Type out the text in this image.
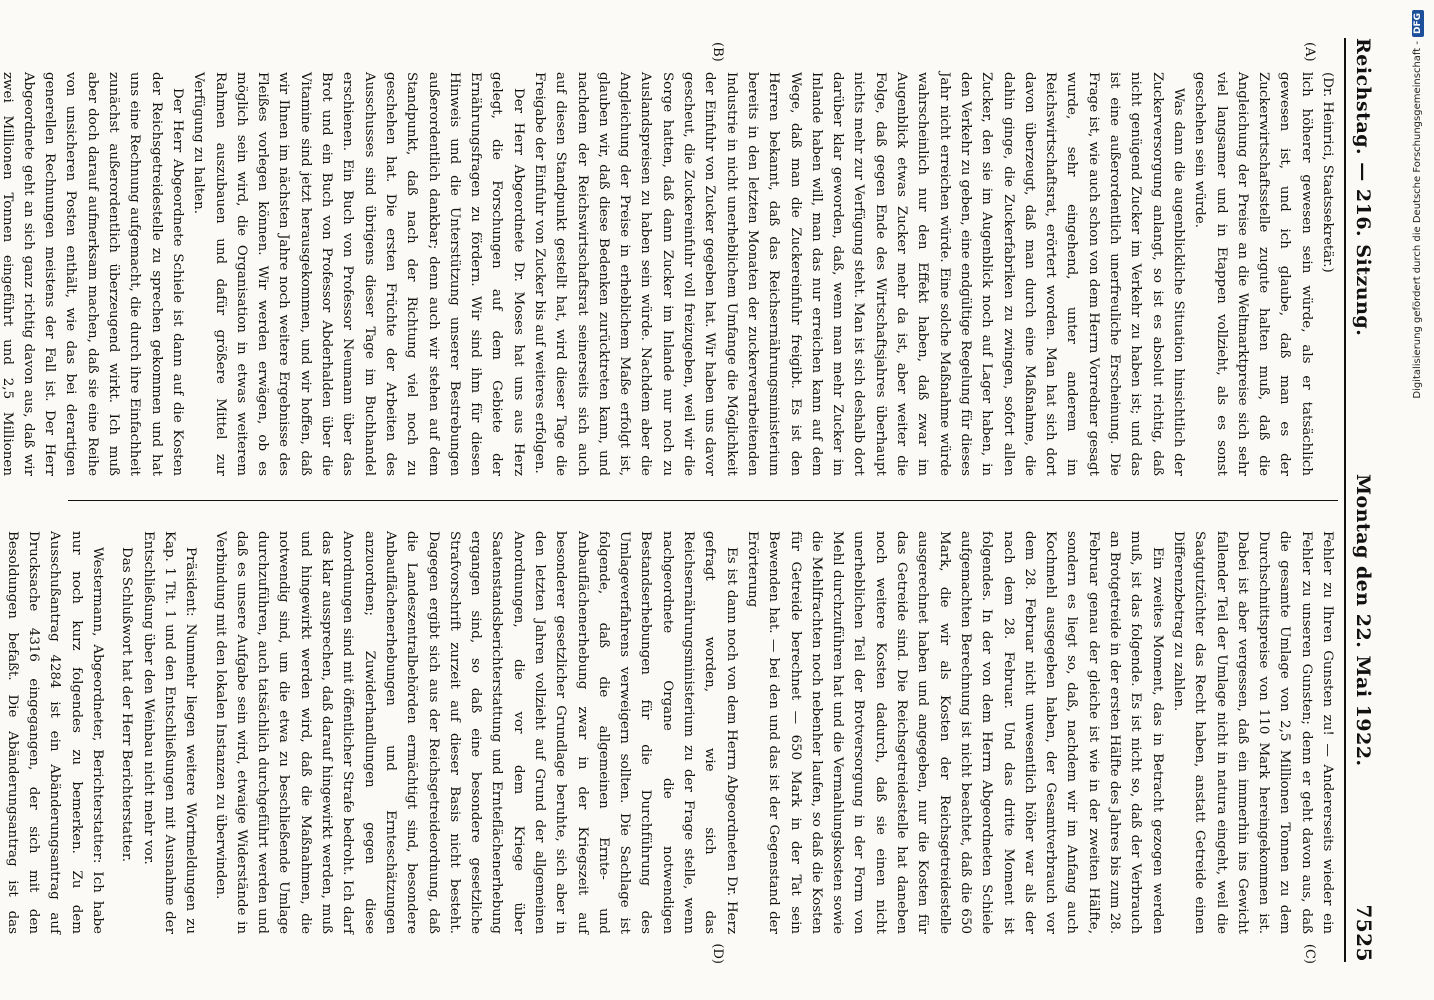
Reichstag. — 216. Sitzung.
Montag den 22. Mai 1922.
7525
(A)
(B)

(Dr. Heinrici, Staatssekretär.)

lich höherer gewesen sein würde, als er tatsächlich gewesen ist, und ich glaube, daß man es der Zuckerwirtschaftsstelle zugute halten muß, daß die Angleichung der Preise an die Weltmarktpreise sich sehr viel langsamer und in Etappen vollzieht, als es sonst geschehen sein würde.

Was dann die augenblickliche Situation hinsichtlich der Zuckerversorgung anlangt, so ist es absolut richtig, daß nicht genügend Zucker im Verkehr zu haben ist; und das ist eine außerordentlich unerfreuliche Erscheinung. Die Frage ist, wie auch schon von dem Herrn Vorredner gesagt wurde, sehr eingehend, unter anderem im Reichswirtschaftsrat, erörtert worden. Man hat sich dort davon überzeugt, daß man durch eine Maßnahme, die dahin ginge, die Zuckerfabriken zu zwingen, sofort allen Zucker, den sie im Augenblick noch auf Lager haben, in den Verkehr zu geben, eine endgültige Regelung für dieses Jahr nicht erreichen würde. Eine solche Maßnahme würde wahrscheinlich nur den Effekt haben, daß zwar im Augenblick etwas Zucker mehr da ist, aber weiter die Folge, daß gegen Ende des Wirtschaftsjahres überhaupt nichts mehr zur Verfügung steht. Man ist sich deshalb dort darüber klar geworden, daß, wenn man mehr Zucker im Inlande haben will, man das nur erreichen kann auf dem Wege, daß man die Zuckereinfuhr freigibt. Es ist den Herren bekannt, daß das Reichsernährungsministerium bereits in den letzten Monaten der zuckerverarbeitenden Industrie in nicht unerheblichem Umfange die Möglichkeit der Einfuhr von Zucker gegeben hat. Wir haben uns davor gescheut, die Zuckereinfuhr voll freizugeben, weil wir die Sorge hatten, daß dann Zucker im Inlande nur noch zu Auslandspreisen zu haben sein würde. Nachdem aber die Angleichung der Preise in erheblichem Maße erfolgt ist, glauben wir, daß diese Bedenken zurücktreten kann, und nachdem der Reichswirtschaftsrat seinerseits sich auch auf diesen Standpunkt gestellt hat, wird dieser Tage die Freigabe der Einfuhr von Zucker bis auf weiteres erfolgen.

Der Herr Abgeordnete Dr. Moses hat uns aus Herz gelegt, die Forschungen auf dem Gebiete der Ernährungsfragen zu fördern. Wir sind ihm für diesen Hinweis und die Unterstützung unserer Bestrebungen außerordentlich dankbar; denn auch wir stehen auf dem Standpunkt, daß nach der Richtung viel noch zu geschehen hat. Die ersten Früchte der Arbeiten des Ausschusses sind übrigens dieser Tage im Buchhandel erschienen. Ein Buch von Professor Neumann über das Brot und ein Buch von Professor Abderhalden über die Vitamine sind jetzt herausgekommen, und wir hoffen, daß wir Ihnen im nächsten Jahre noch weitere Ergebnisse des Fleißes vorlegen können. Wir werden erwägen, ob es möglich sein wird, die Organisation in etwas weiterem Rahmen auszubauen und dafür größere Mittel zur Verfügung zu halten.

Der Herr Abgeordnete Schiele ist dann auf die Kosten der Reichsgetreidestelle zu sprechen gekommen und hat uns eine Rechnung aufgemacht, die durch ihre Einfachheit zunächst außerordentlich überzeugend wirkt. Ich muß aber doch darauf aufmerksam machen, daß sie eine Reihe von unsicheren Posten enthält, wie das bei derartigen generellen Rechnungen meistens der Fall ist. Der Herr Abgeordnete geht an sich ganz richtig davon aus, daß wir zwei Millionen Tonnen eingeführt und 2,5 Millionen

(C)
(D)

Fehler zu Ihren Gunsten zu! — Andererseits wieder ein Fehler zu unseren Gunsten; denn er geht davon aus, daß die gesamte Umlage von 2,5 Millionen Tonnen zu dem Durchschnittspreise von 110 Mark hereingekommen ist. Dabei ist aber vergessen, daß ein immerhin ins Gewicht fallender Teil der Umlage nicht in natura eingeht, weil die Saatgutzüchter das Recht haben, anstatt Getreide einen Differenzbetrag zu zahlen.

Ein zweites Moment, das in Betracht gezogen werden muß, ist das folgende. Es ist nicht so, daß der Verbrauch an Brotgetreide in der ersten Hälfte des Jahres bis zum 28. Februar genau der gleiche ist wie in der zweiten Hälfte, sondern es liegt so, daß, nachdem wir im Anfang auch Kochmehl ausgegeben haben, der Gesamtverbrauch vor dem 28. Februar nicht unwesentlich höher war als der nach dem 28. Februar. Und das dritte Moment ist folgendes. In der von dem Herrn Abgeordneten Schiele aufgemachten Berechnung ist nicht beachtet, daß die 650 Mark, die wir als Kosten der Reichsgetreidestelle ausgerechnet haben und angegeben, nur die Kosten für das Getreide sind. Die Reichsgetreidestelle hat daneben noch weitere Kosten dadurch, daß sie einen nicht unerheblichen Teil der Brotversorgung in der Form von Mehl durchzuführen hat und die Vermahlungskosten sowie die Mehlfrachten noch nebenher laufen, so daß die Kosten für Getreide berechnet — 650 Mark in der Tat sein Bewenden hat. — bei den und das ist der Gegenstand der Erörterung

Es ist dann noch von dem Herrn Abgeordneten Dr. Herz gefragt worden, wie sich das Reichsernährungsministerium zu der Frage stelle, wenn nachgeordnete Organe die notwendigen Bestandserhebungen für die Durchführung des Umlageverfahrens verweigern sollten. Die Sachlage ist folgende, daß die allgemeinen Ernte- und Anbauflächenerhebung zwar in der Kriegszeit auf besonderer gesetzlicher Grundlage beruhte, sich aber in den letzten Jahren vollzieht auf Grund der allgemeinen Anordnungen, die vor dem Kriege über Saatenstandsberichterstattung und Ernteflächenerhebung ergangen sind, so daß eine besondere gesetzliche Strafvorschrift zurzeit auf dieser Basis nicht besteht. Dagegen ergibt sich aus der Reichsgetreideordnung, daß die Landeszentralbehörden ermächtigt sind, besondere Anbauflächenerhebungen und Ernteschätzungen anzuordnen; Zuwiderhandlungen gegen diese Anordnungen sind mit öffentlicher Strafe bedroht. Ich darf das klar aussprechen, daß darauf hingewirkt werden, muß und hingewirkt werden wird, daß die Maßnahmen, die notwendig sind, um die etwa zu beschließende Umlage durchzuführen, auch tatsächlich durchgeführt werden und daß es unsere Aufgabe sein wird, etwaige Widerstände in Verbindung mit den lokalen Instanzen zu überwinden.

Präsident: Nunmehr liegen weitere Wortmeldungen zu Kap. 1 Tit. 1 und den Entschließungen mit Ausnahme der Entschließung über den Weinbau nicht mehr vor.

Das Schlußwort hat der Herr Berichterstatter.

Westermann, Abgeordneter, Berichterstatter: Ich habe nur noch kurz folgendes zu bemerken. Zu dem Ausschußantrag 4284 ist ein Abänderungsantrag auf Drucksache 4316 eingegangen, der sich mit den Besoldungen befaßt. Die Abänderungsantrag ist das

Digitalisierung gefördert durch die Deutsche Forschungsgemeinschaft -DFG
